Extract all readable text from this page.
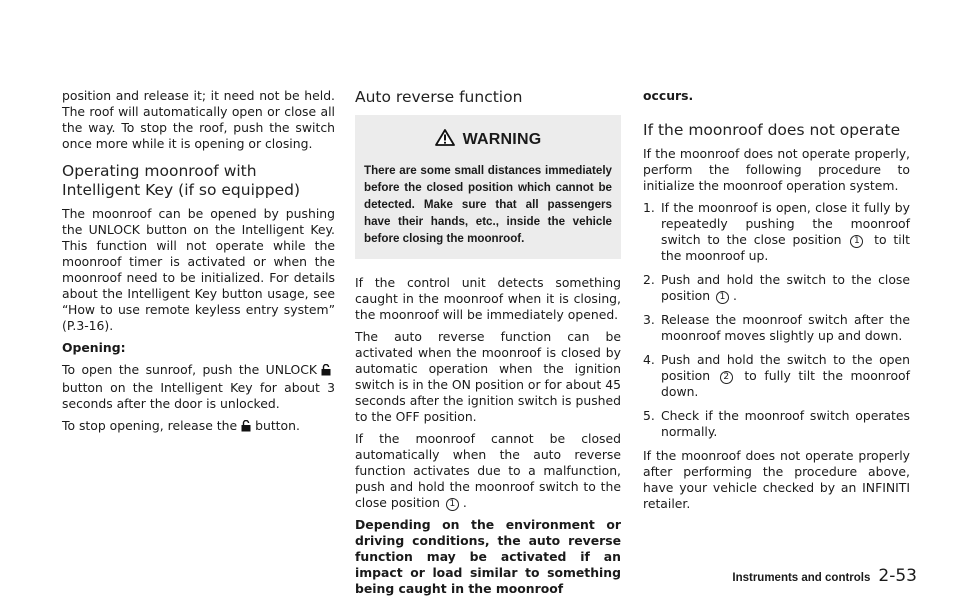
position and release it; it need not be held. The roof will automatically open or close all the way. To stop the roof, push the switch once more while it is opening or closing.

Operating moonroof with Intelligent Key (if so equipped)

The moonroof can be opened by pushing the UNLOCK button on the Intelligent Key. This function will not operate while the moonroof timer is activated or when the moonroof need to be initialized. For details about the Intelligent Key button usage, see “How to use remote keyless entry system” (P.3-16).

Opening:

To open the sunroof, push the UNLOCKbutton on the Intelligent Key for about 3 seconds after the door is unlocked.

To stop opening, release the button.

Auto reverse function
WARNING
There are some small distances immediately before the closed position which cannot be detected. Make sure that all passengers have their hands, etc., inside the vehicle before closing the moonroof.

If the control unit detects something caught in the moonroof when it is closing, the moonroof will be immediately opened.

The auto reverse function can be activated when the moonroof is closed by automatic operation when the ignition switch is in the ON position or for about 45 seconds after the ignition switch is pushed to the OFF position.

If the moonroof cannot be closed automatically when the auto reverse function activates due to a malfunction, push and hold the moonroof switch to the close position 1 .

Depending on the environment or driving conditions, the auto reverse function may be activated if an impact or load similar to something being caught in the moonroof

occurs.

If the moonroof does not operate

If the moonroof does not operate properly, perform the following procedure to initialize the moonroof operation system.

1. If the moonroof is open, close it fully by repeatedly pushing the moonroof switch to the close position 1 to tilt the moonroof up.
2. Push and hold the switch to the close position 1 .
3. Release the moonroof switch after the moonroof moves slightly up and down.
4. Push and hold the switch to the open position 2 to fully tilt the moonroof down.
5. Check if the moonroof switch operates normally.

If the moonroof does not operate properly after performing the procedure above, have your vehicle checked by an INFINITI retailer.

Instruments and controls 2-53
